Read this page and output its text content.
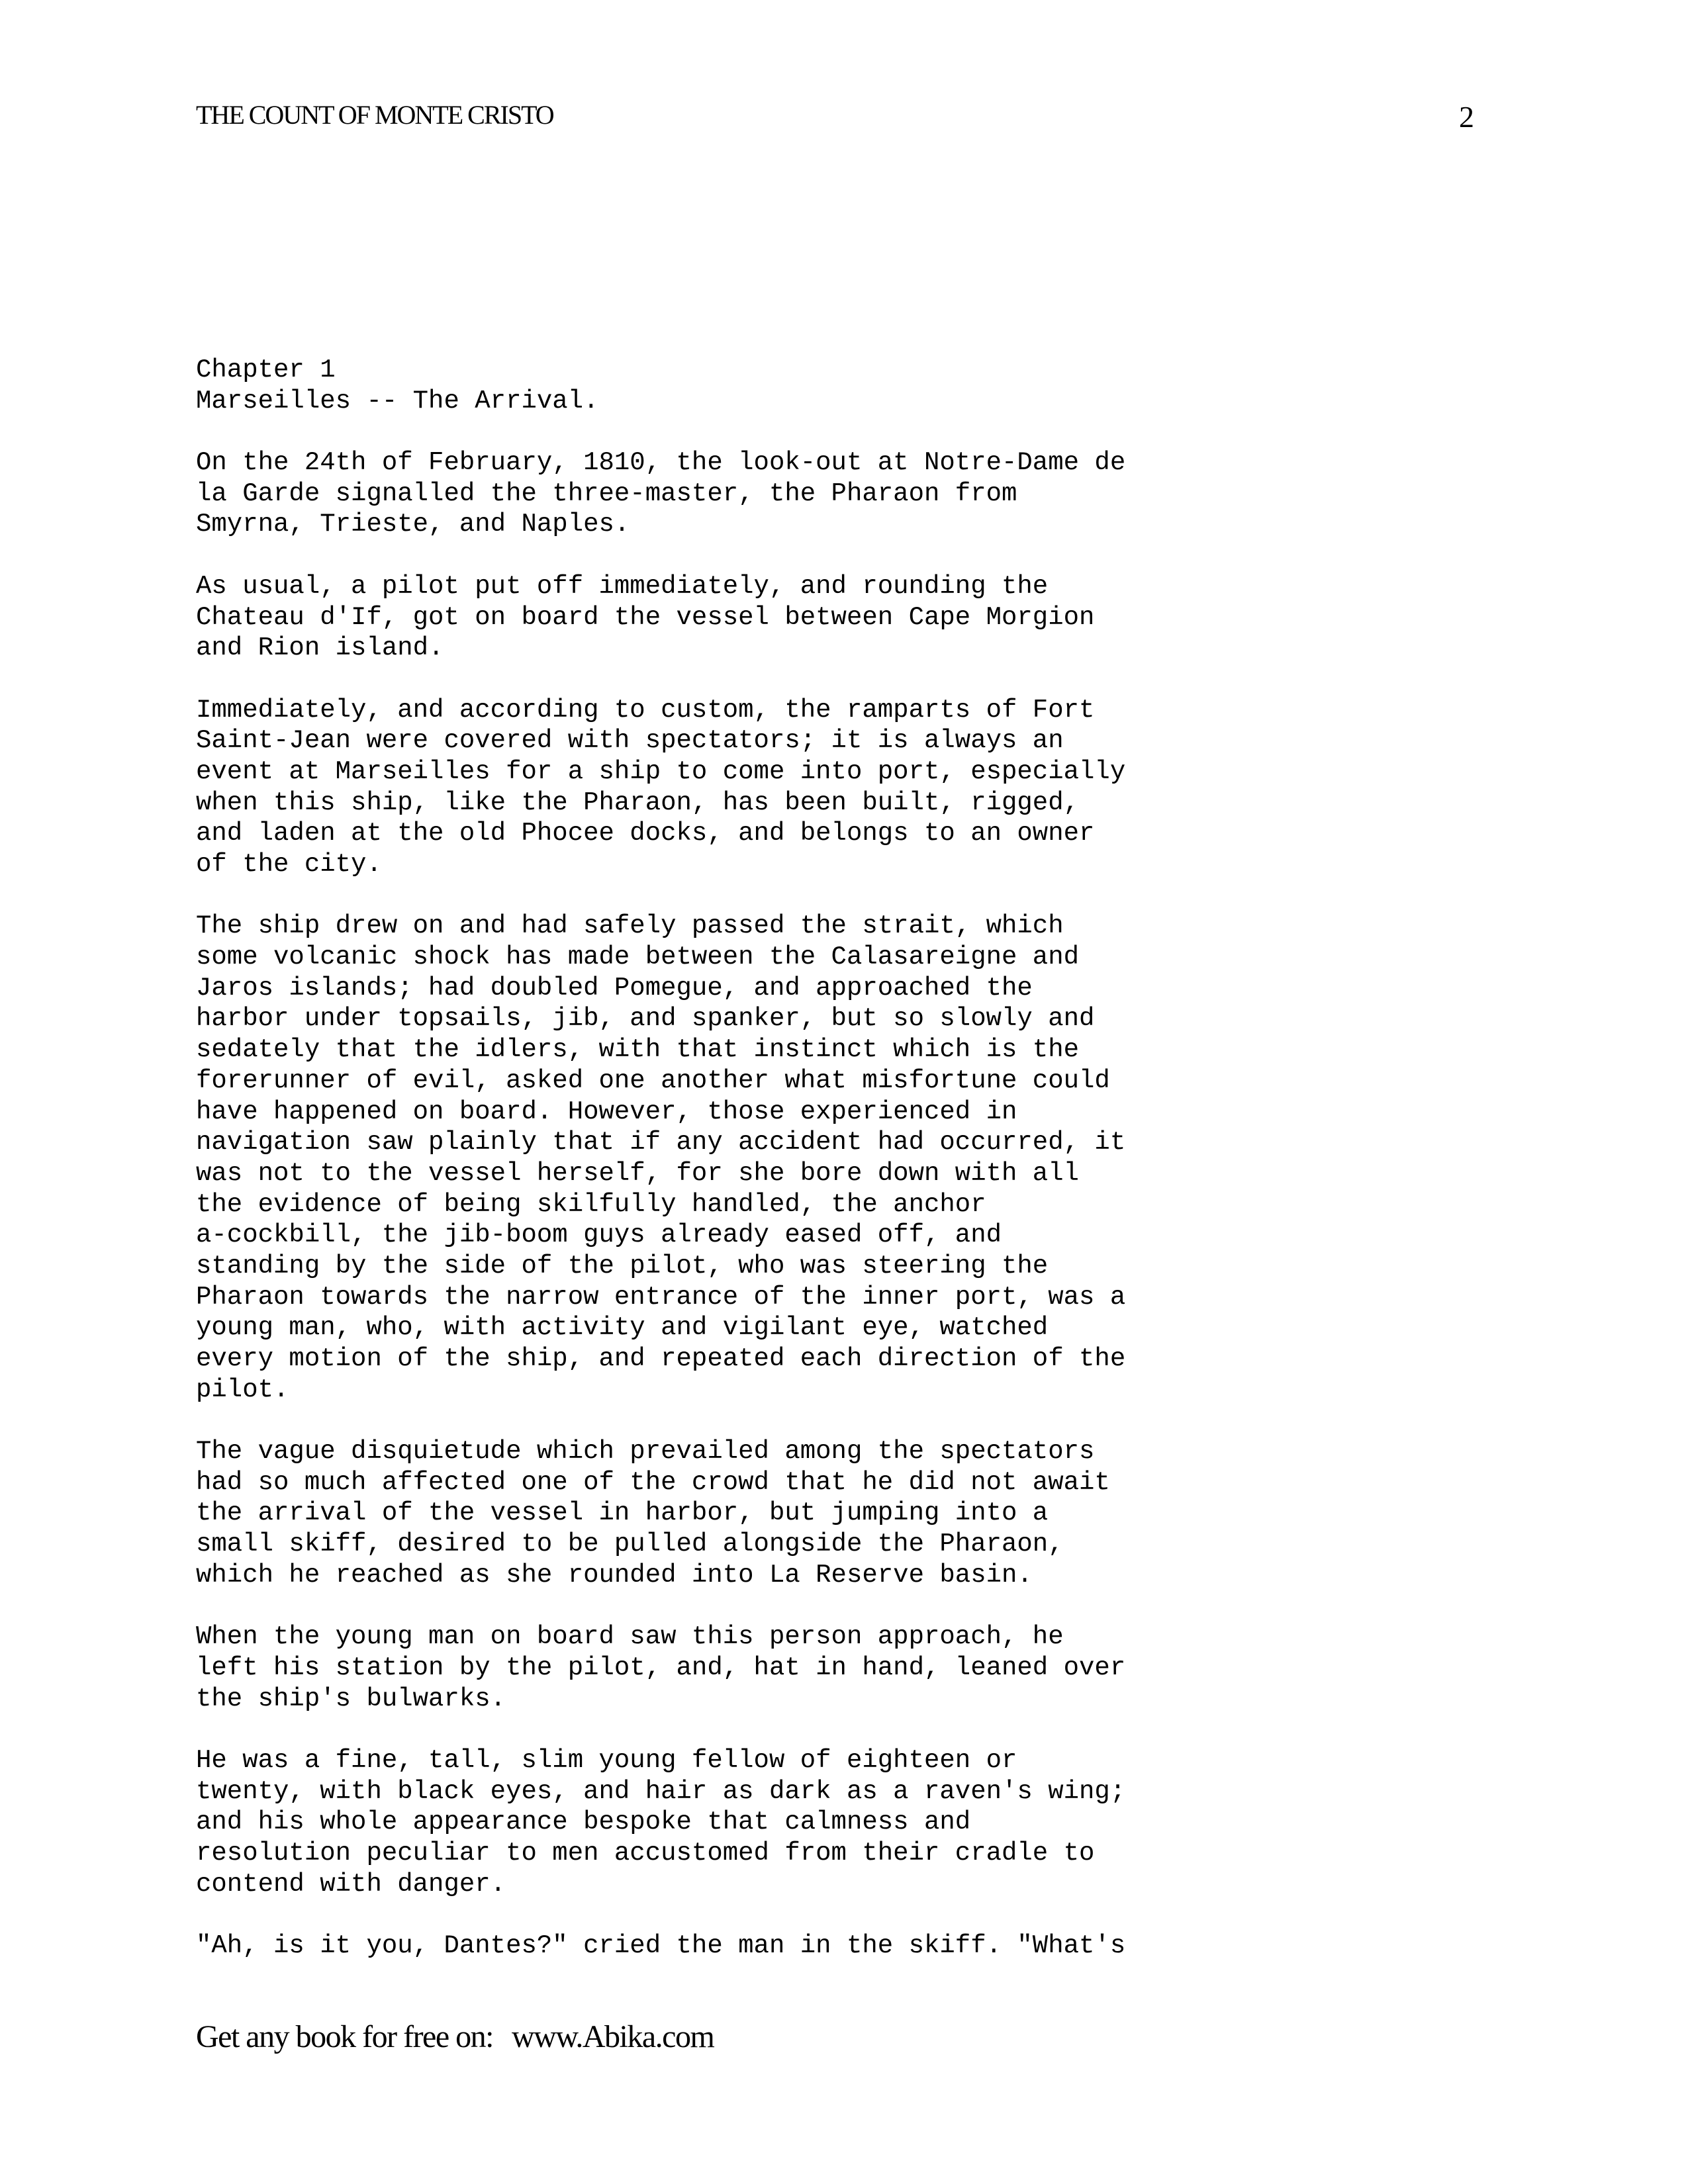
THE COUNT OF MONTE CRISTO	2
Chapter 1
Marseilles -- The Arrival.
On the 24th of February, 1810, the look-out at Notre-Dame de
la Garde signalled the three-master, the Pharaon from
Smyrna, Trieste, and Naples.
As usual, a pilot put off immediately, and rounding the
Chateau d'If, got on board the vessel between Cape Morgion
and Rion island.
Immediately, and according to custom, the ramparts of Fort
Saint-Jean were covered with spectators; it is always an
event at Marseilles for a ship to come into port, especially
when this ship, like the Pharaon, has been built, rigged,
and laden at the old Phocee docks, and belongs to an owner
of the city.
The ship drew on and had safely passed the strait, which
some volcanic shock has made between the Calasareigne and
Jaros islands; had doubled Pomegue, and approached the
harbor under topsails, jib, and spanker, but so slowly and
sedately that the idlers, with that instinct which is the
forerunner of evil, asked one another what misfortune could
have happened on board. However, those experienced in
navigation saw plainly that if any accident had occurred, it
was not to the vessel herself, for she bore down with all
the evidence of being skilfully handled, the anchor
a-cockbill, the jib-boom guys already eased off, and
standing by the side of the pilot, who was steering the
Pharaon towards the narrow entrance of the inner port, was a
young man, who, with activity and vigilant eye, watched
every motion of the ship, and repeated each direction of the
pilot.
The vague disquietude which prevailed among the spectators
had so much affected one of the crowd that he did not await
the arrival of the vessel in harbor, but jumping into a
small skiff, desired to be pulled alongside the Pharaon,
which he reached as she rounded into La Reserve basin.
When the young man on board saw this person approach, he
left his station by the pilot, and, hat in hand, leaned over
the ship's bulwarks.
He was a fine, tall, slim young fellow of eighteen or
twenty, with black eyes, and hair as dark as a raven's wing;
and his whole appearance bespoke that calmness and
resolution peculiar to men accustomed from their cradle to
contend with danger.
"Ah, is it you, Dantes?" cried the man in the skiff. "What's
Get any book for free on: www.Abika.com
